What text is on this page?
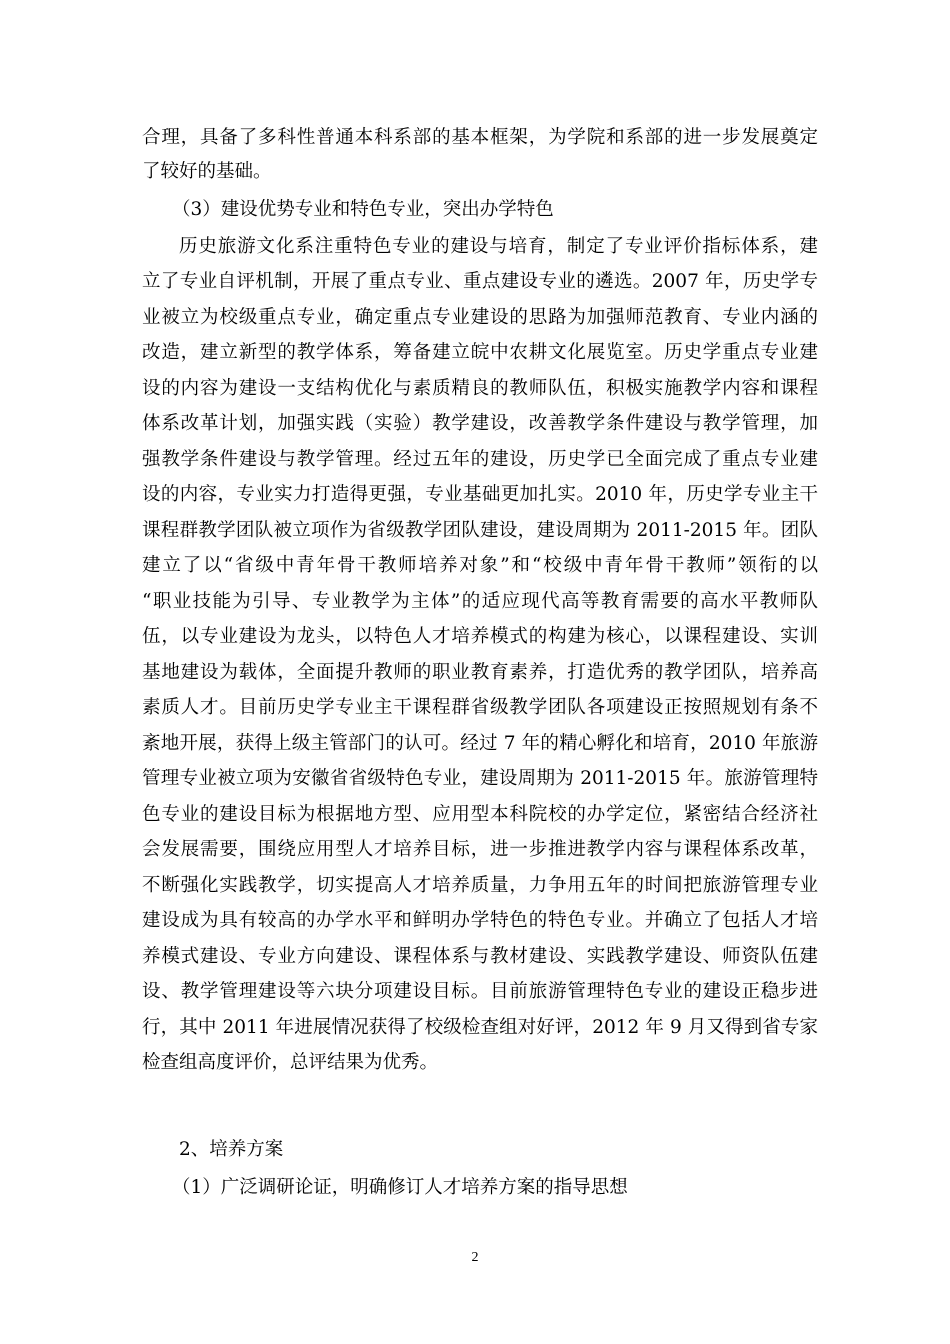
合理，具备了多科性普通本科系部的基本框架，为学院和系部的进一步发展奠定
了较好的基础。
（3）建设优势专业和特色专业，突出办学特色
历史旅游文化系注重特色专业的建设与培育，制定了专业评价指标体系，建
立了专业自评机制，开展了重点专业、重点建设专业的遴选。2007 年，历史学专
业被立为校级重点专业，确定重点专业建设的思路为加强师范教育、专业内涵的
改造，建立新型的教学体系，筹备建立皖中农耕文化展览室。历史学重点专业建
设的内容为建设一支结构优化与素质精良的教师队伍，积极实施教学内容和课程
体系改革计划，加强实践（实验）教学建设，改善教学条件建设与教学管理，加
强教学条件建设与教学管理。经过五年的建设，历史学已全面完成了重点专业建
设的内容，专业实力打造得更强，专业基础更加扎实。2010 年，历史学专业主干
课程群教学团队被立项作为省级教学团队建设，建设周期为 2011-2015 年。团队
建立了以“省级中青年骨干教师培养对象”和“校级中青年骨干教师”领衔的以
“职业技能为引导、专业教学为主体”的适应现代高等教育需要的高水平教师队
伍，以专业建设为龙头，以特色人才培养模式的构建为核心，以课程建设、实训
基地建设为载体，全面提升教师的职业教育素养，打造优秀的教学团队，培养高
素质人才。目前历史学专业主干课程群省级教学团队各项建设正按照规划有条不
紊地开展，获得上级主管部门的认可。经过 7 年的精心孵化和培育，2010 年旅游
管理专业被立项为安徽省省级特色专业，建设周期为 2011-2015 年。旅游管理特
色专业的建设目标为根据地方型、应用型本科院校的办学定位，紧密结合经济社
会发展需要，围绕应用型人才培养目标，进一步推进教学内容与课程体系改革，
不断强化实践教学，切实提高人才培养质量，力争用五年的时间把旅游管理专业
建设成为具有较高的办学水平和鲜明办学特色的特色专业。并确立了包括人才培
养模式建设、专业方向建设、课程体系与教材建设、实践教学建设、师资队伍建
设、教学管理建设等六块分项建设目标。目前旅游管理特色专业的建设正稳步进
行，其中 2011 年进展情况获得了校级检查组对好评，2012 年 9 月又得到省专家
检查组高度评价，总评结果为优秀。
2、培养方案
（1）广泛调研论证，明确修订人才培养方案的指导思想
2
